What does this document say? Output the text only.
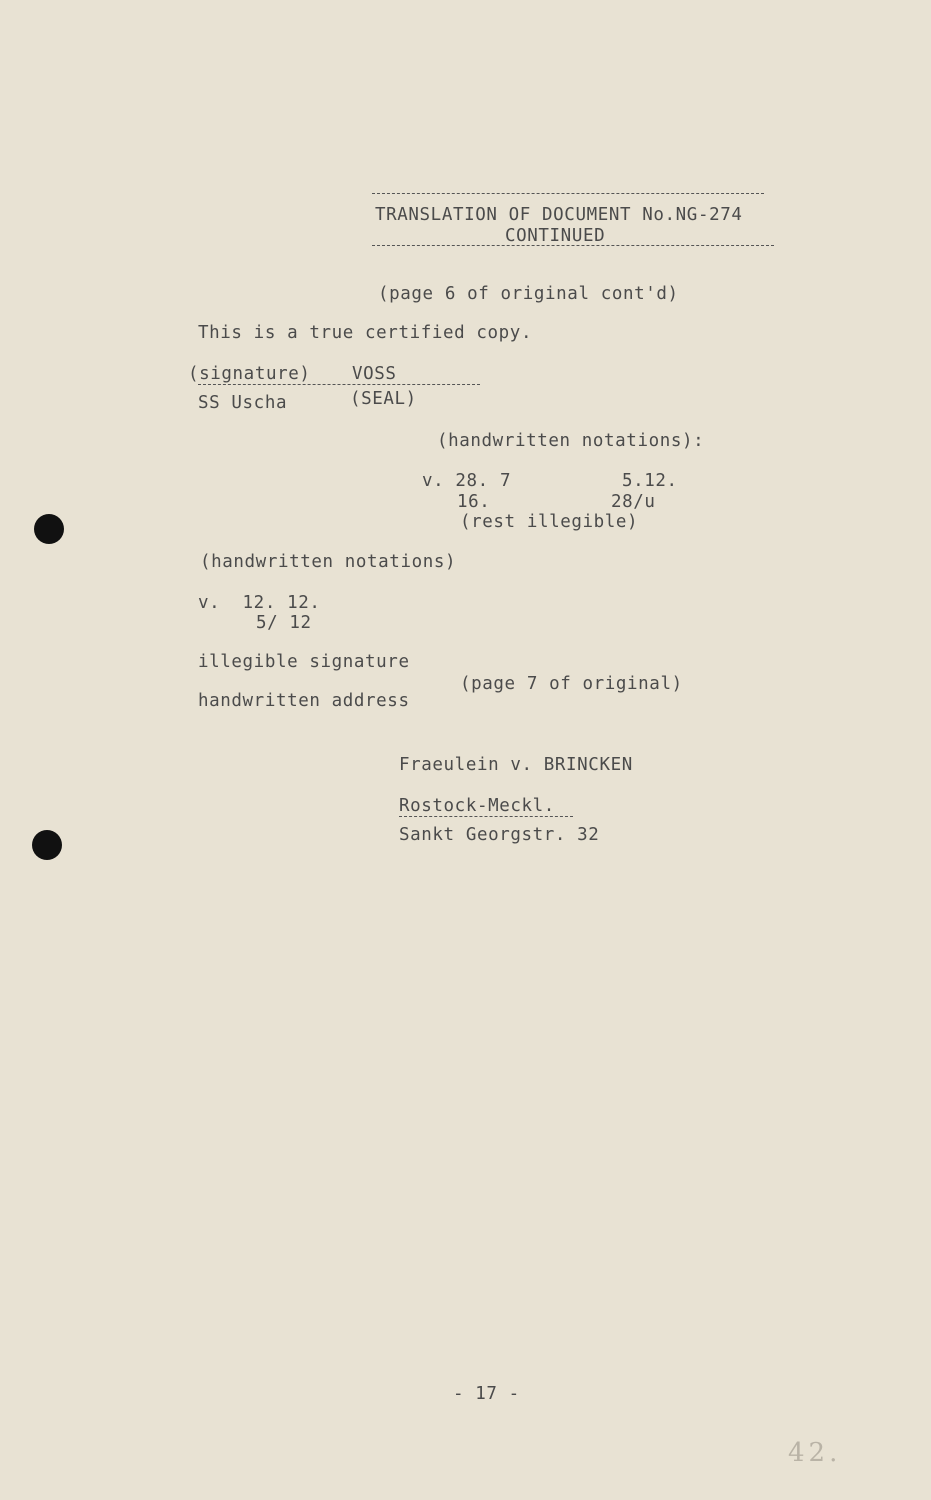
TRANSLATION OF DOCUMENT No.NG-274
CONTINUED
(page 6 of original cont'd)
This is a true certified copy.
(signature) VOSS
SS Uscha	(SEAL)
(handwritten notations):
v. 28. 7	5.12.
16.	28/u
(rest illegible)
(handwritten notations)
v.  12. 12.
5/ 12
illegible signature
(page 7 of original)
handwritten address
Fraeulein v. BRINCKEN
Rostock-Meckl.
Sankt Georgstr. 32
- 17 -
42.
